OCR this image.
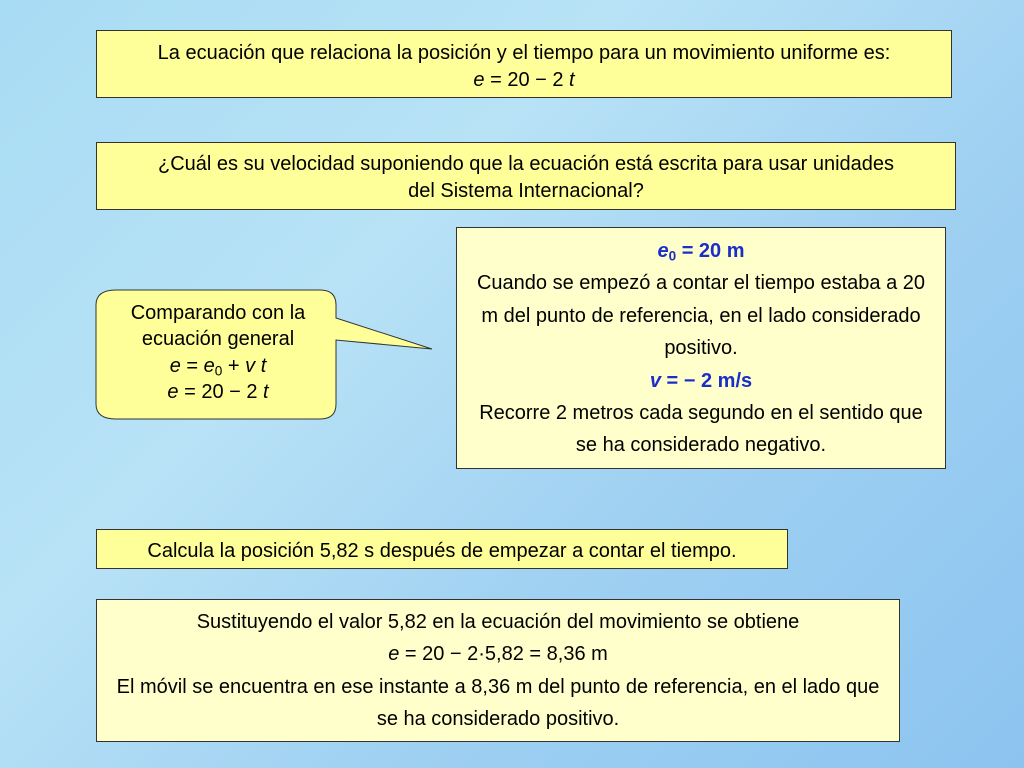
La ecuación que relaciona la posición y el tiempo para un movimiento uniforme es:
e = 20 − 2 t
¿Cuál es su velocidad suponiendo que la ecuación está escrita para usar unidades
del Sistema Internacional?
Comparando con la
ecuación general
$e = e_0 + v$ t
e = 20 − 2 t
$e_0 = 20$ m
Cuando se empezó a contar el tiempo estaba a 20 m del punto de referencia, en el lado considerado positivo.
v = − 2 m/s
Recorre 2 metros cada segundo en el sentido que se ha considerado negativo.
Calcula la posición 5,82 s después de empezar a contar el tiempo.
Sustituyendo el valor 5,82 en la ecuación del movimiento se obtiene
e = 20 − 2·5,82 = 8,36 m
El móvil se encuentra en ese instante a 8,36 m del punto de referencia, en el lado que se ha considerado positivo.
